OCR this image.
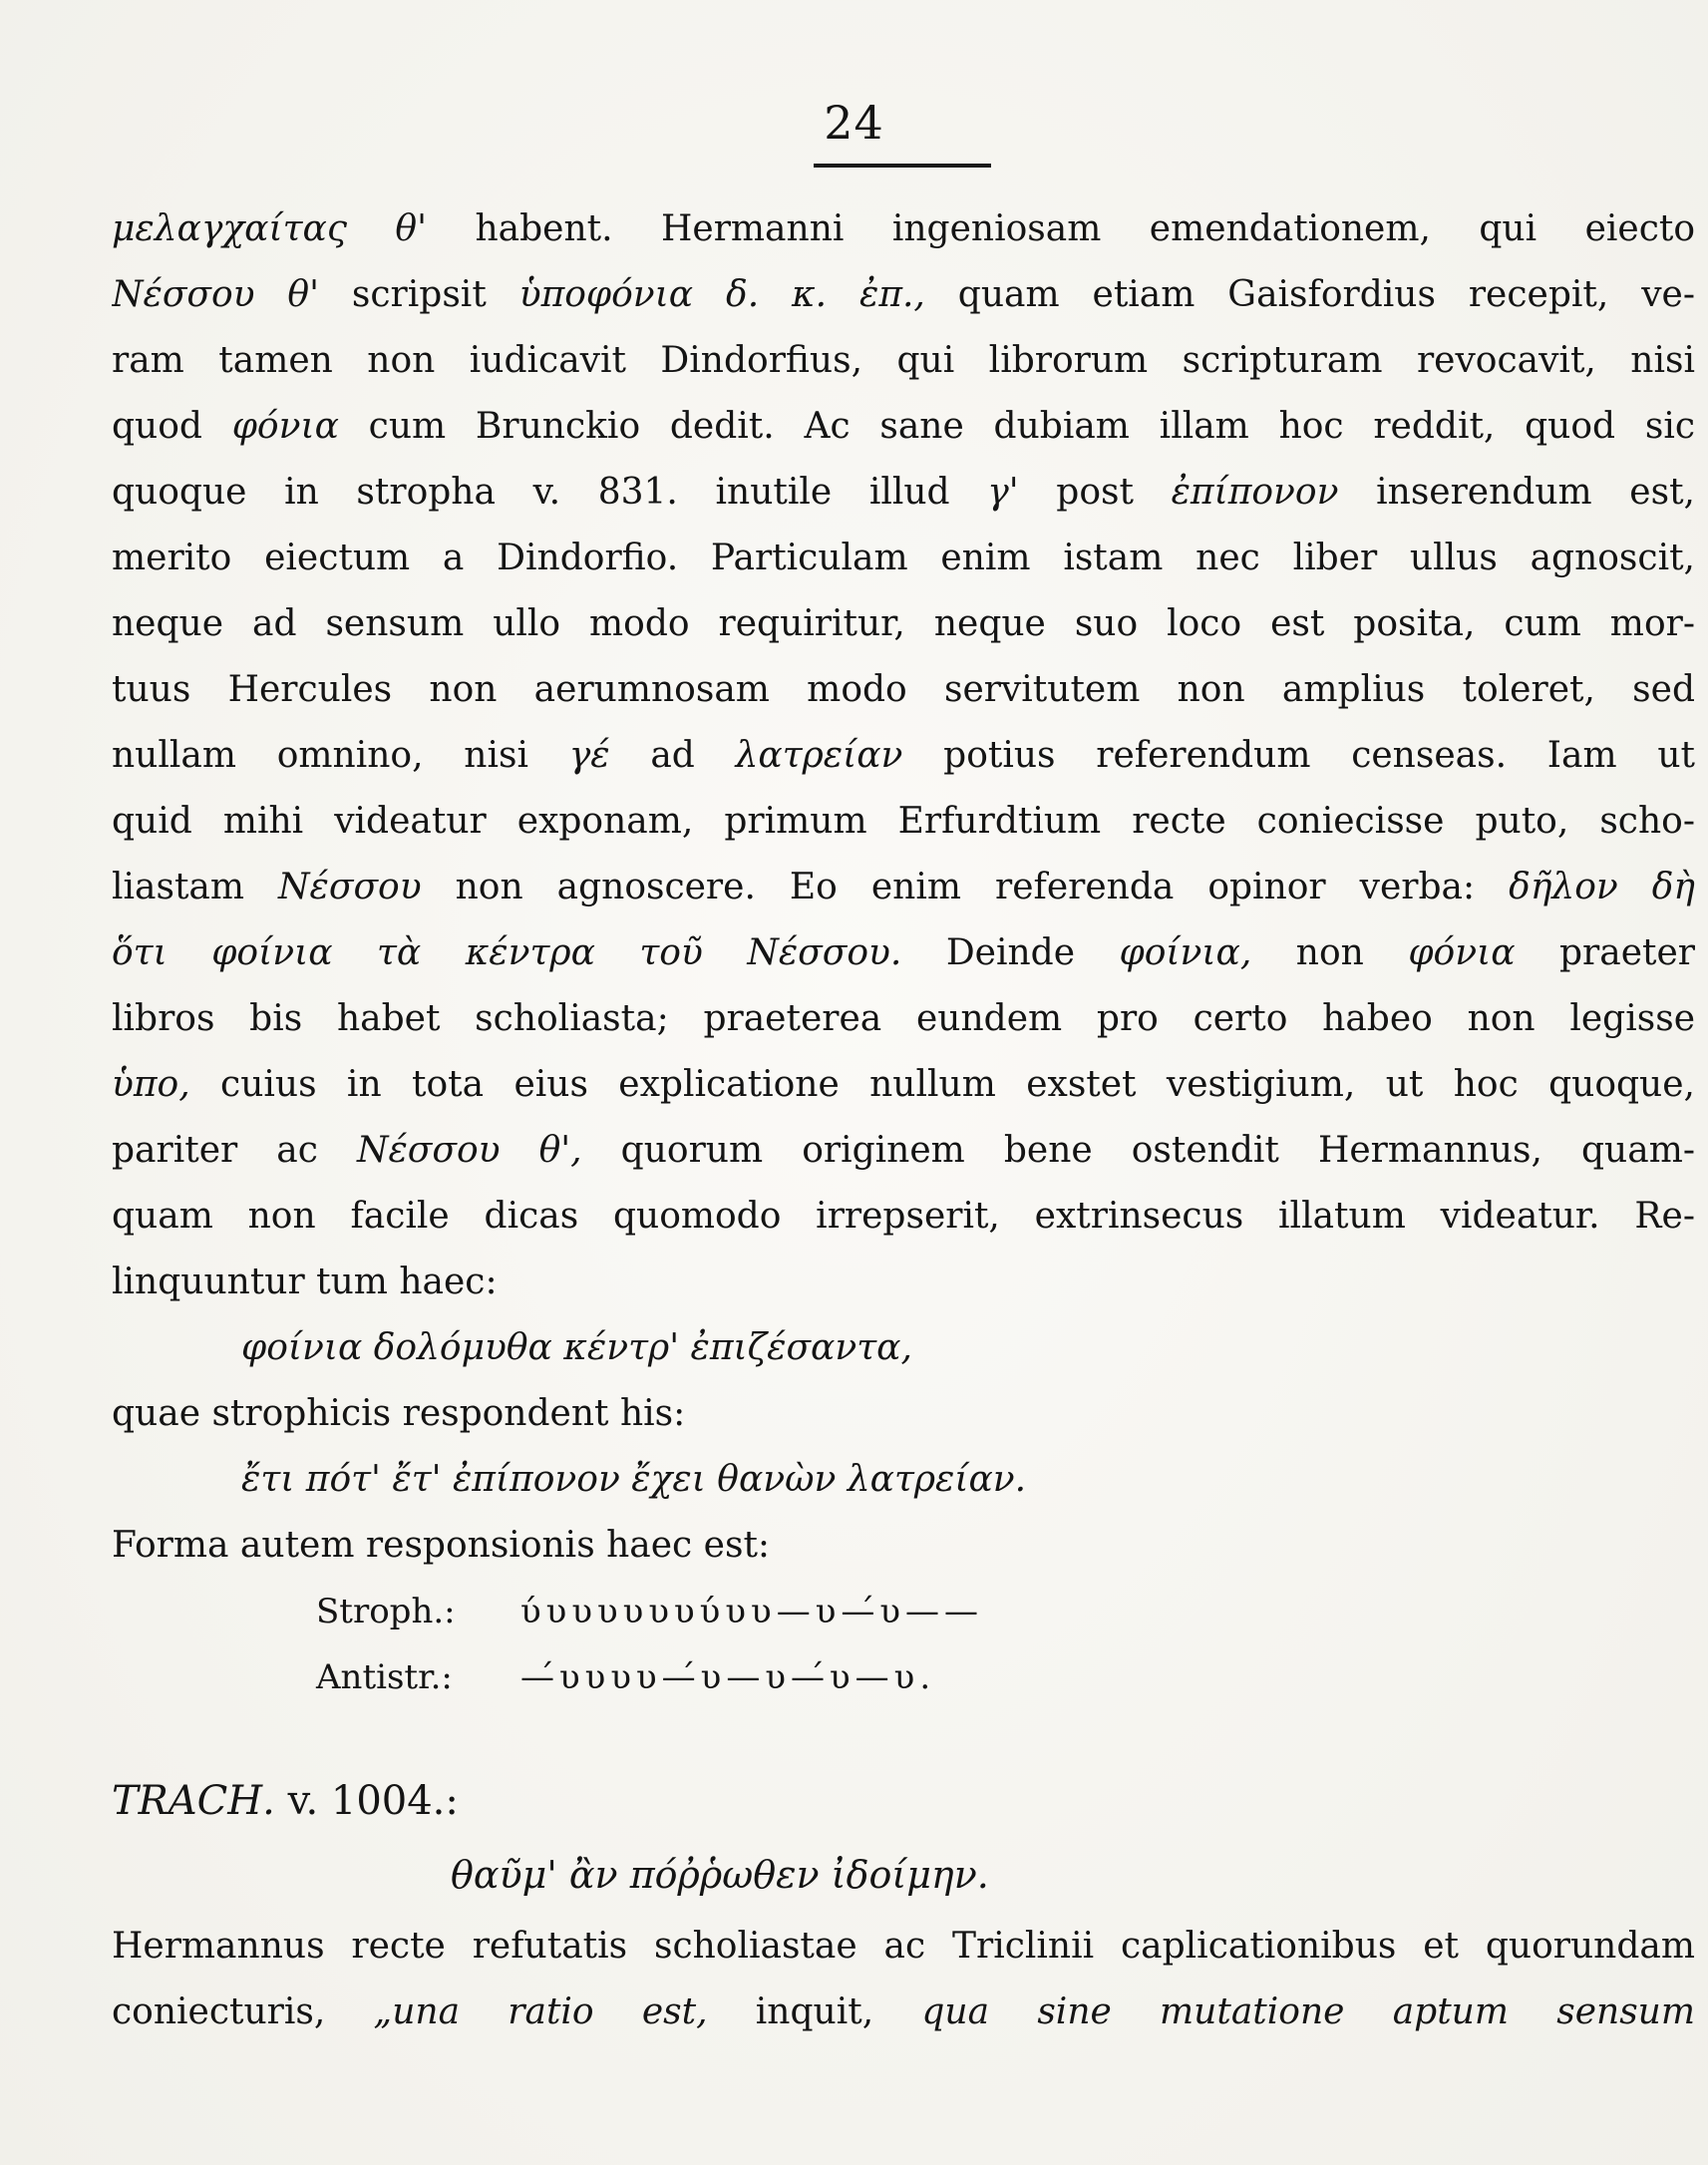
24
μελαγχαίτας θ' habent. Hermanni ingeniosam emendationem, qui eiecto
Νέσσου θ' scripsit ὑποφόνια δ. κ. ἐπ., quam etiam Gaisfordius recepit, ve-
ram tamen non iudicavit Dindorfius, qui librorum scripturam revocavit, nisi
quod φόνια cum Brunckio dedit. Ac sane dubiam illam hoc reddit, quod sic
quoque in stropha v. 831. inutile illud γ' post ἐπίπονον inserendum est,
merito eiectum a Dindorfio. Particulam enim istam nec liber ullus agnoscit,
neque ad sensum ullo modo requiritur, neque suo loco est posita, cum mor-
tuus Hercules non aerumnosam modo servitutem non amplius toleret, sed
nullam omnino, nisi γέ ad λατρείαν potius referendum censeas. Iam ut
quid mihi videatur exponam, primum Erfurdtium recte coniecisse puto, scho-
liastam Νέσσου non agnoscere. Eo enim referenda opinor verba: δῆλον δὴ
ὅτι φοίνια τὰ κέντρα τοῦ Νέσσου. Deinde φοίνια, non φόνια praeter
libros bis habet scholiasta; praeterea eundem pro certo habeo non legisse
ὑπο, cuius in tota eius explicatione nullum exstet vestigium, ut hoc quoque,
pariter ac Νέσσου θ', quorum originem bene ostendit Hermannus, quam-
quam non facile dicas quomodo irrepserit, extrinsecus illatum videatur. Re-
linquuntur tum haec:
φοίνια δολόμυθα κέντρ' ἐπιζέσαντα,
quae strophicis respondent his:
ἔτι πότ' ἔτ' ἐπίπονον ἔχει θανὼν λατρείαν.
Forma autem responsionis haec est:
Stroph.: ύυυυυυυύυυ—υ—́υ——
Antistr.: —́υυυυ—́υ—υ—́υ—υ.
TRACH. v. 1004.:
θαῦμ' ἂν πόῤῥωθεν ἰδοίμην.
Hermannus recte refutatis scholiastae ac Triclinii caplicationibus et quorundam
coniecturis, „una ratio est, inquit, qua sine mutatione aptum sensum
